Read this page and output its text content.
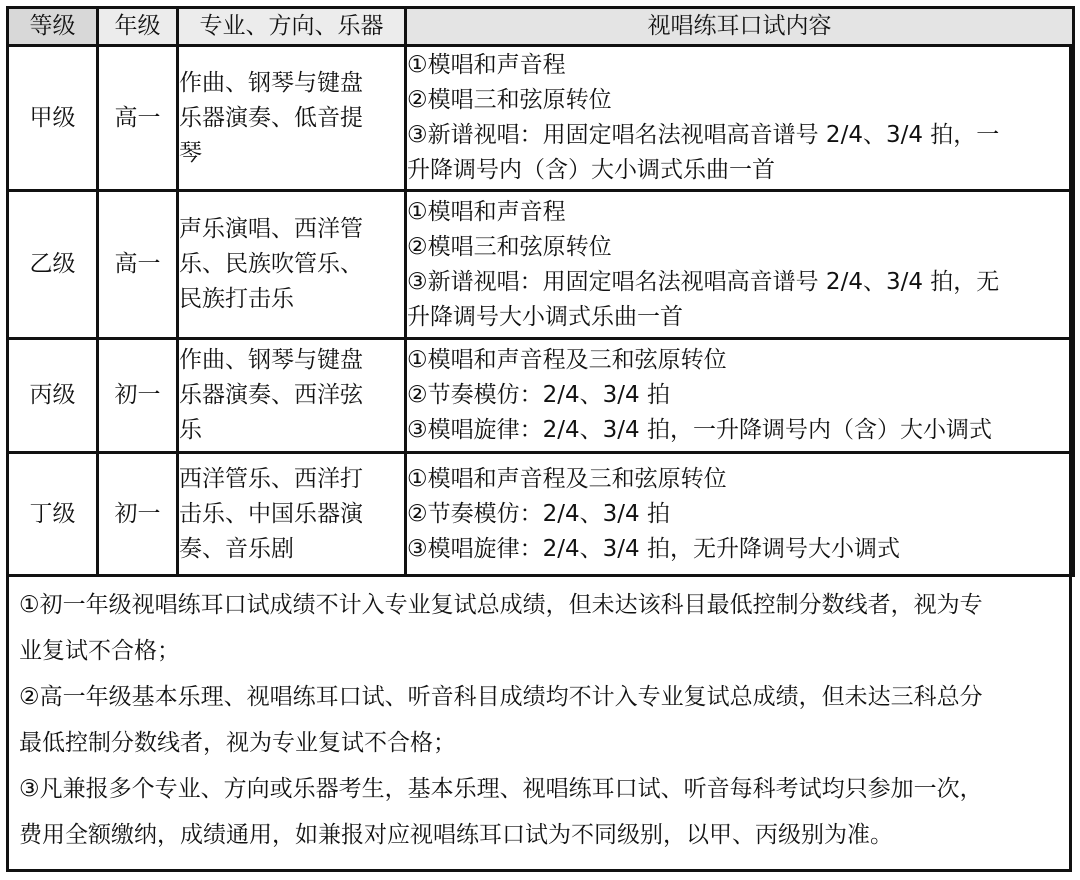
等级	年级	专业、方向、乐器	视唱练耳口试内容
甲级	高一	作曲、钢琴与键盘
乐器演奏、低音提
琴	①模唱和声音程
②模唱三和弦原转位
③新谱视唱：用固定唱名法视唱高音谱号 2/4、3/4 拍，一
升降调号内（含）大小调式乐曲一首

乙级	高一	声乐演唱、西洋管
乐、民族吹管乐、
民族打击乐	①模唱和声音程
②模唱三和弦原转位
③新谱视唱：用固定唱名法视唱高音谱号 2/4、3/4 拍，无
升降调号大小调式乐曲一首

丙级	初一	作曲、钢琴与键盘
乐器演奏、西洋弦
乐	①模唱和声音程及三和弦原转位
②节奏模仿：2/4、3/4 拍
③模唱旋律：2/4、3/4 拍，一升降调号内（含）大小调式

丁级	初一	西洋管乐、西洋打
击乐、中国乐器演
奏、音乐剧	①模唱和声音程及三和弦原转位
②节奏模仿：2/4、3/4 拍
③模唱旋律：2/4、3/4 拍，无升降调号大小调式
①初一年级视唱练耳口试成绩不计入专业复试总成绩，但未达该科目最低控制分数线者，视为专
业复试不合格；
②高一年级基本乐理、视唱练耳口试、听音科目成绩均不计入专业复试总成绩，但未达三科总分
最低控制分数线者，视为专业复试不合格；
③凡兼报多个专业、方向或乐器考生，基本乐理、视唱练耳口试、听音每科考试均只参加一次，
费用全额缴纳，成绩通用，如兼报对应视唱练耳口试为不同级别，以甲、丙级别为准。
